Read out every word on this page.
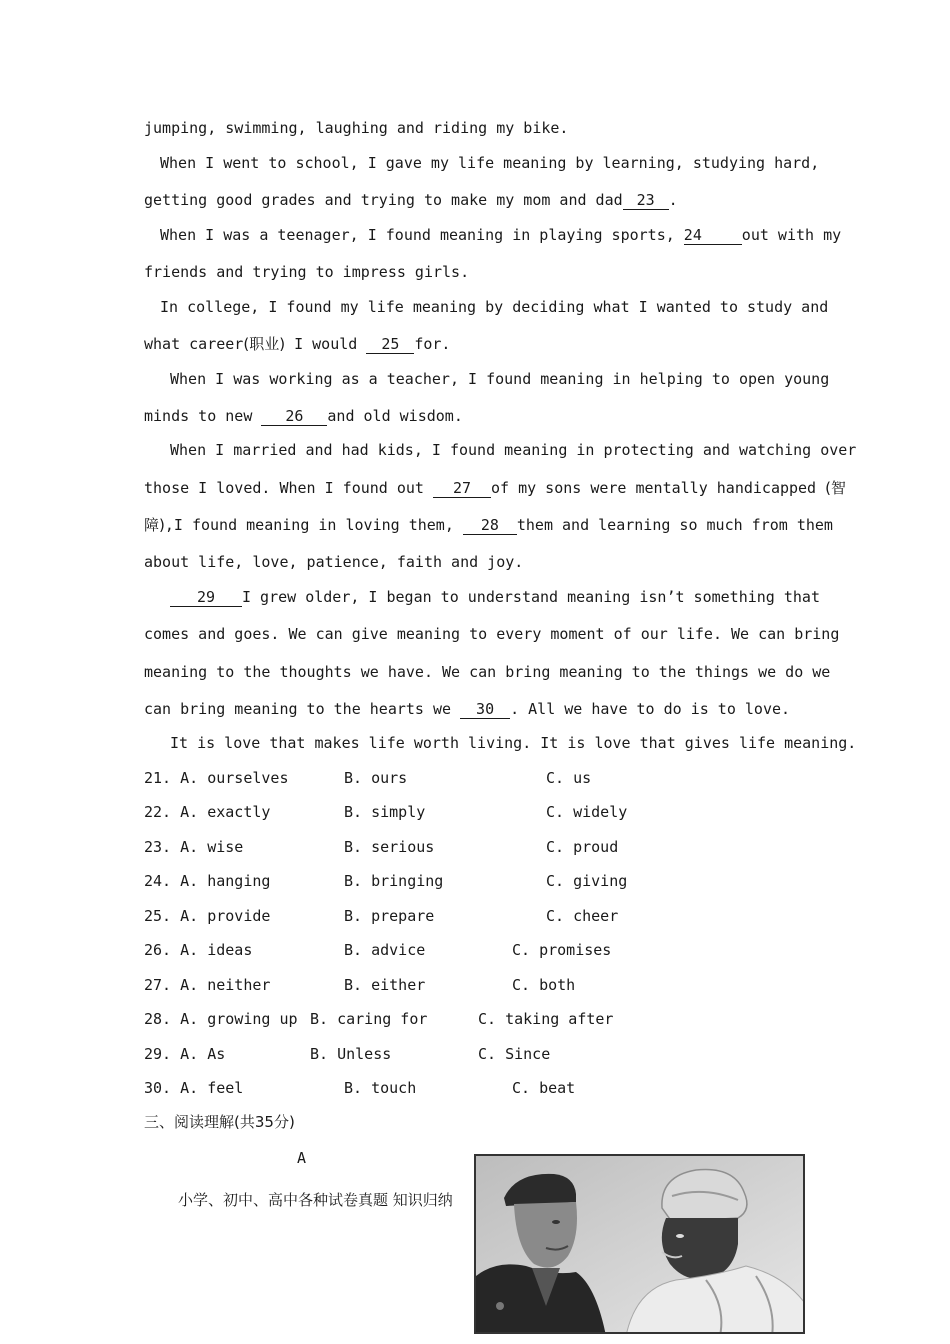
jumping, swimming, laughing and riding my bike.
When I went to school, I gave my life meaning by learning, studying hard,
getting good grades and trying to make my mom and dad 23 .
When I was a teenager, I found meaning in playing sports, 24	out with my
friends and trying to impress girls.
In college, I found my life meaning by deciding what I wanted to study and
what career(职业) I would 25 for.
When I was working as a teacher, I found meaning in helping to open young
minds to new 26 and old wisdom.
When I married and had kids, I found meaning in protecting and watching over
those I loved. When I found out 27 of my sons were mentally handicapped (智
障),I found meaning in loving them, 28 them and learning so much from them
about life, love, patience, faith and joy.
29 I grew older, I began to understand meaning isn’t something that
comes and goes. We can give meaning to every moment of our life. We can bring
meaning to the thoughts we have. We can bring meaning to the things we do we
can bring meaning to the hearts we 30 . All we have to do is to love.
It is love that makes life worth living. It is love that gives life meaning.
21. A. ourselves	B. ours	C. us
22. A. exactly	B. simply	C. widely
23. A. wise	B. serious	C. proud
24. A. hanging	B. bringing	C. giving
25. A. provide	B. prepare	C. cheer
26. A. ideas	B. advice	C. promises
27. A. neither	B. either	C. both
28. A. growing up B. caring for	C. taking after
29. A. As	B. Unless	C. Since
30. A. feel	B. touch	C. beat
三、阅读理解(共35分)
A
小学、初中、高中各种试卷真题 知识归纳
